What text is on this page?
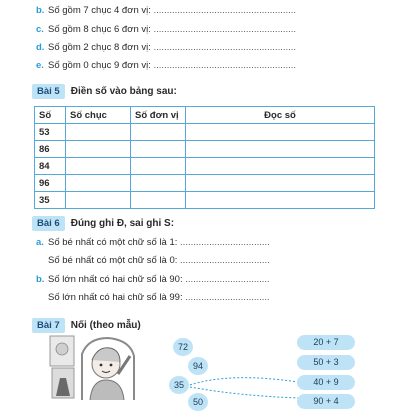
b. Số gồm 7 chục 4 đơn vị: ......................................................
c. Số gồm 8 chục 6 đơn vị: ......................................................
d. Số gồm 2 chục 8 đơn vị: ......................................................
e. Số gồm 0 chục 9 đơn vị: ......................................................
Bài 5	Điền số vào bảng sau:
Số	Số chục	Số đơn vị	Đọc số
53			
86			
84			
96			
35			
Bài 6	Đúng ghi Đ, sai ghi S:
a. Số bé nhất có một chữ số là 1: ..................................
Số bé nhất có một chữ số là 0: ..................................
b. Số lớn nhất có hai chữ số là 90: ................................
Số lớn nhất có hai chữ số là 99: ................................
Bài 7	Nối (theo mẫu)
72
94
35
50
20 + 7
50 + 3
40 + 9
90 + 4
